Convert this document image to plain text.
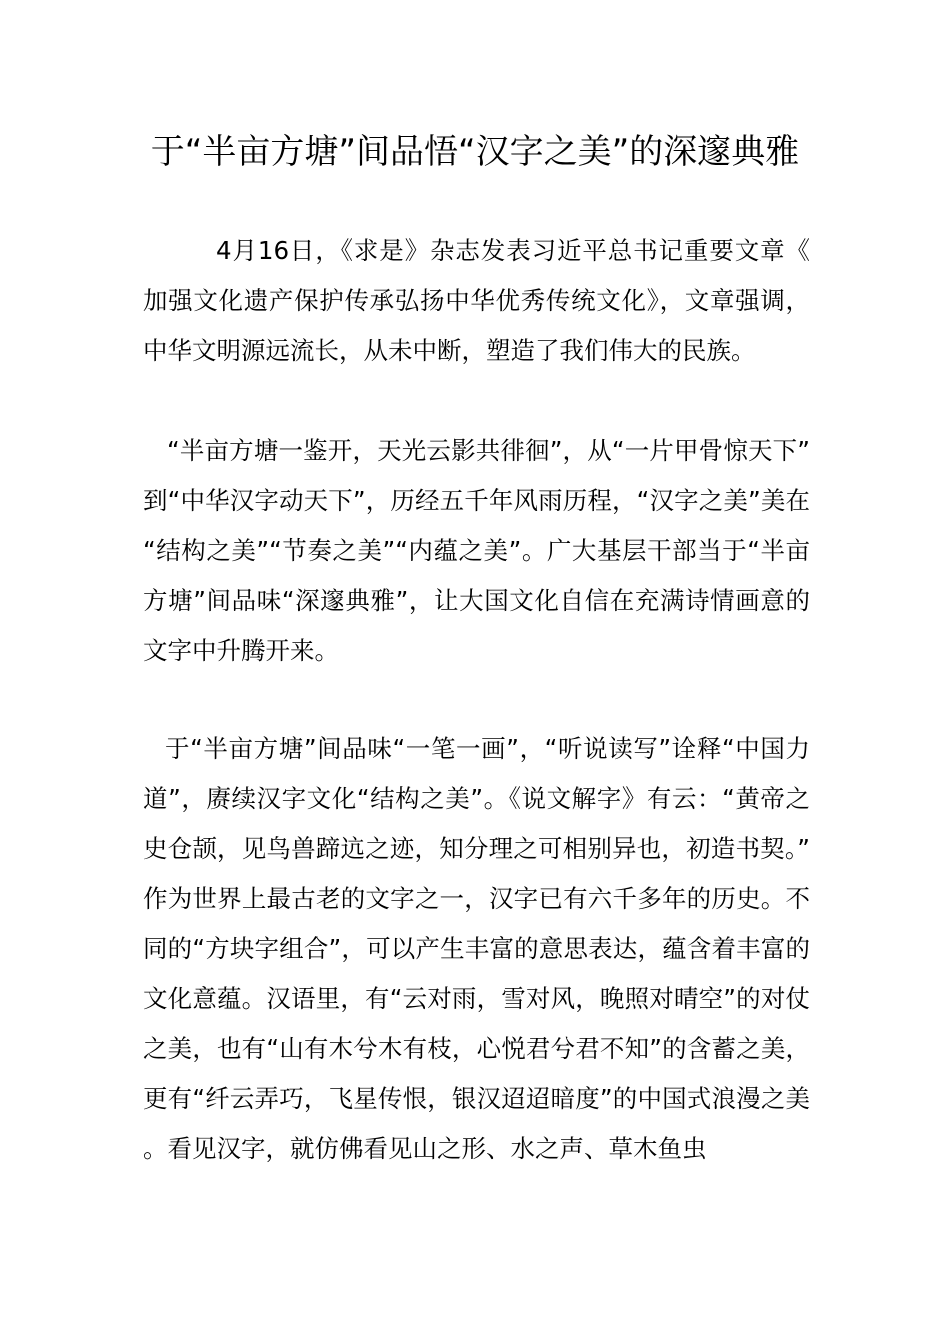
于“半亩方塘”间品悟“汉字之美”的深邃典雅

4月16日，《求是》杂志发表习近平总书记重要文章《加强文化遗产保护传承弘扬中华优秀传统文化》，文章强调，中华文明源远流长，从未中断，塑造了我们伟大的民族。

“半亩方塘一鉴开，天光云影共徘徊”，从“一片甲骨惊天下”到“中华汉字动天下”，历经五千年风雨历程，“汉字之美”美在“结构之美”“节奏之美”“内蕴之美”。广大基层干部当于“半亩方塘”间品味“深邃典雅”，让大国文化自信在充满诗情画意的文字中升腾开来。

于“半亩方塘”间品味“一笔一画”，“听说读写”诠释“中国力道”，赓续汉字文化“结构之美”。《说文解字》有云：“黄帝之史仓颉，见鸟兽蹄迒之迹，知分理之可相别异也，初造书契。”作为世界上最古老的文字之一，汉字已有六千多年的历史。不同的“方块字组合”，可以产生丰富的意思表达，蕴含着丰富的文化意蕴。汉语里，有“云对雨，雪对风，晚照对晴空”的对仗之美，也有“山有木兮木有枝，心悦君兮君不知”的含蓄之美，更有“纤云弄巧，飞星传恨，银汉迢迢暗度”的中国式浪漫之美。看见汉字，就仿佛看见山之形、水之声、草木鱼虫
